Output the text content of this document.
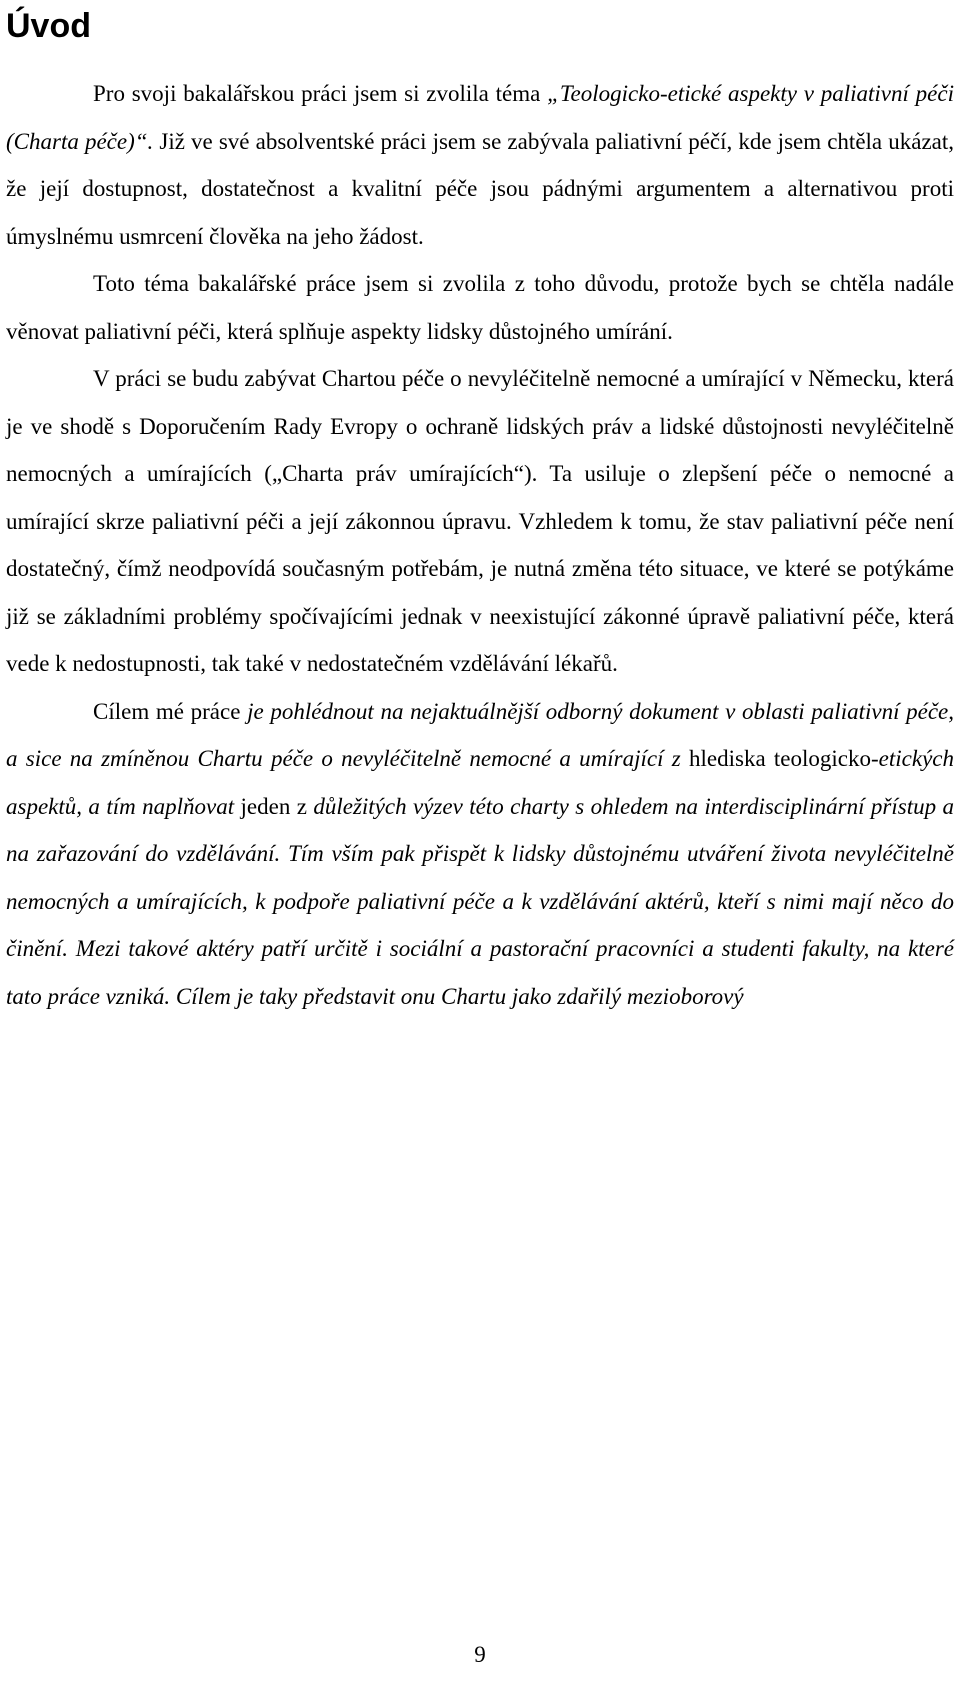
Úvod

Pro svoji bakalářskou práci jsem si zvolila téma „Teologicko-etické aspekty v paliativní péči (Charta péče)“. Již ve své absolventské práci jsem se zabývala paliativní péčí, kde jsem chtěla ukázat, že její dostupnost, dostatečnost a kvalitní péče jsou pádnými argumentem a alternativou proti úmyslnému usmrcení člověka na jeho žádost.

Toto téma bakalářské práce jsem si zvolila z toho důvodu, protože bych se chtěla nadále věnovat paliativní péči, která splňuje aspekty lidsky důstojného umírání.

V práci se budu zabývat Chartou péče o nevyléčitelně nemocné a umírající v Německu, která je ve shodě s Doporučením Rady Evropy o ochraně lidských práv a lidské důstojnosti nevyléčitelně nemocných a umírajících („Charta práv umírajících“). Ta usiluje o zlepšení péče o nemocné a umírající skrze paliativní péči a její zákonnou úpravu. Vzhledem k tomu, že stav paliativní péče není dostatečný, čímž neodpovídá současným potřebám, je nutná změna této situace, ve které se potýkáme již se základními problémy spočívajícími jednak v neexistující zákonné úpravě paliativní péče, která vede k nedostupnosti, tak také v nedostatečném vzdělávání lékařů.

Cílem mé práce je pohlédnout na nejaktuálnější odborný dokument v oblasti paliativní péče, a sice na zmíněnou Chartu péče o nevyléčitelně nemocné a umírající z hlediska teologicko-etických aspektů, a tím naplňovat jeden z důležitých výzev této charty s ohledem na interdisciplinární přístup a na zařazování do vzdělávání. Tím vším pak přispět k lidsky důstojnému utváření života nevyléčitelně nemocných a umírajících, k podpoře paliativní péče a k vzdělávání aktérů, kteří s nimi mají něco do činění. Mezi takové aktéry patří určitě i sociální a pastorační pracovníci a studenti fakulty, na které tato práce vzniká. Cílem je taky představit onu Chartu jako zdařilý mezioborový

9
